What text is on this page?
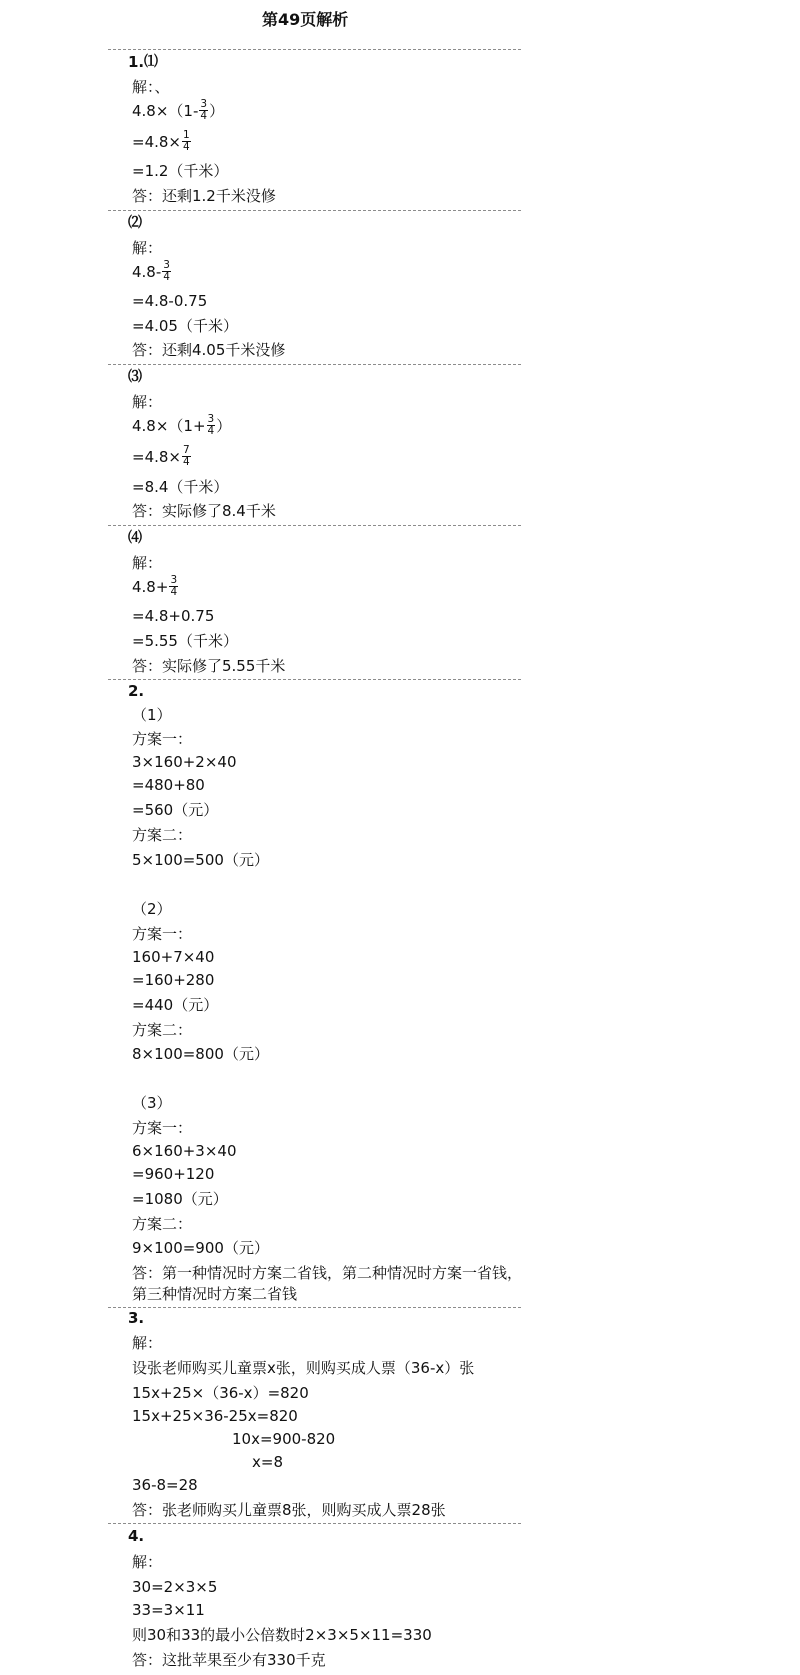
第49页解析
1. ⑴
解：、
$4.8\times(1- \frac{3}{4}$ ）
$=4.8\times \frac{1}{4}$
=1.2（千米）
答：还剩1.2千米没修
⑵
解：
$4.8- \frac{3}{4}$
=4.8-0.75
=4.05（千米）
答：还剩4.05千米没修
⑶
解：
$4.8\times(1+ \frac{3}{4}$ ）
$=4.8\times \frac{7}{4}$
=8.4（千米）
答：实际修了8.4千米
⑷
解：
$4.8+ \frac{3}{4}$
=4.8+0.75
=5.55（千米）
答：实际修了5.55千米
2.
（1）
方案一：
3×160+2×40
=480+80
=560（元）
方案二：
5×100=500（元）
（2）
方案一：
160+7×40
=160+280
=440（元）
方案二：
8×100=800（元）
（3）
方案一：
6×160+3×40
=960+120
=1080（元）
方案二：
9×100=900（元）
答：第一种情况时方案二省钱，第二种情况时方案一省钱，第三种情况时方案二省钱
3.
解：
设张老师购买儿童票x张，则购买成人票（36-x）张
15x+25×（36-x）=820
15x+25×36-25x=820
10x=900-820
x=8
36-8=28
答：张老师购买儿童票8张，则购买成人票28张
4.
解：
30=2×3×5
33=3×11
则30和33的最小公倍数时2×3×5×11=330
答：这批苹果至少有330千克
